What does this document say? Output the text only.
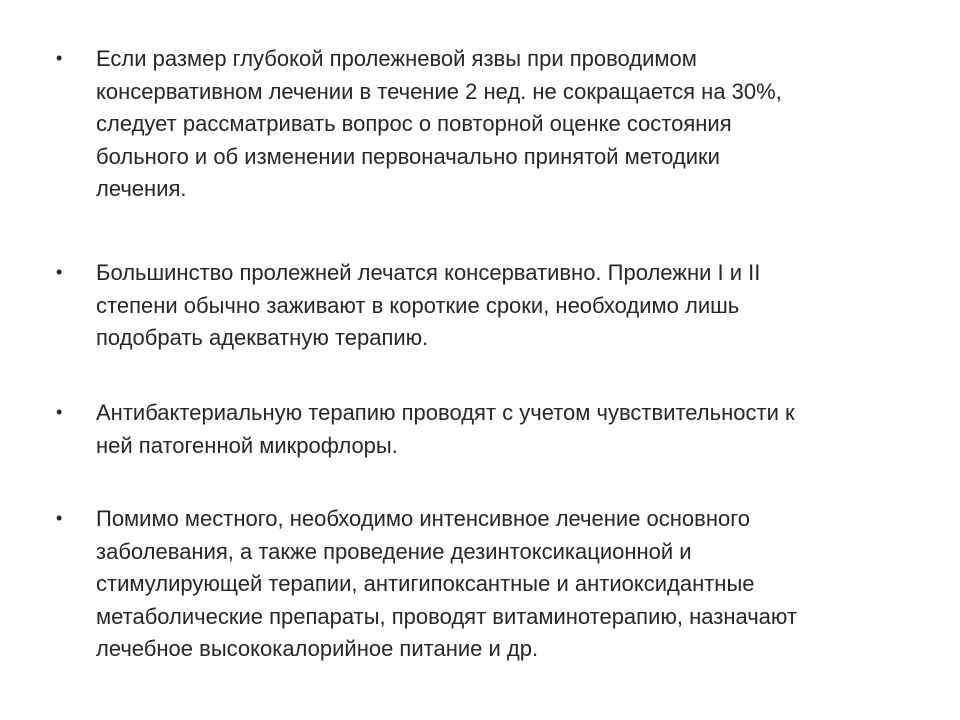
• Если размер глубокой пролежневой язвы при проводимом
консервативном лечении в течение 2 нед. не сокращается на 30%,
следует рассматривать вопрос о повторной оценке состояния
больного и об изменении первоначально принятой методики
лечения.
• Большинство пролежней лечатся консервативно. Пролежни I и II
степени обычно заживают в короткие сроки, необходимо лишь
подобрать адекватную терапию.
• Антибактериальную терапию проводят с учетом чувствительности к
ней патогенной микрофлоры.
• Помимо местного, необходимо интенсивное лечение основного
заболевания, а также проведение дезинтоксикационной и
стимулирующей терапии, антигипоксантные и антиоксидантные
метаболические препараты, проводят витаминотерапию, назначают
лечебное высококалорийное питание и др.
